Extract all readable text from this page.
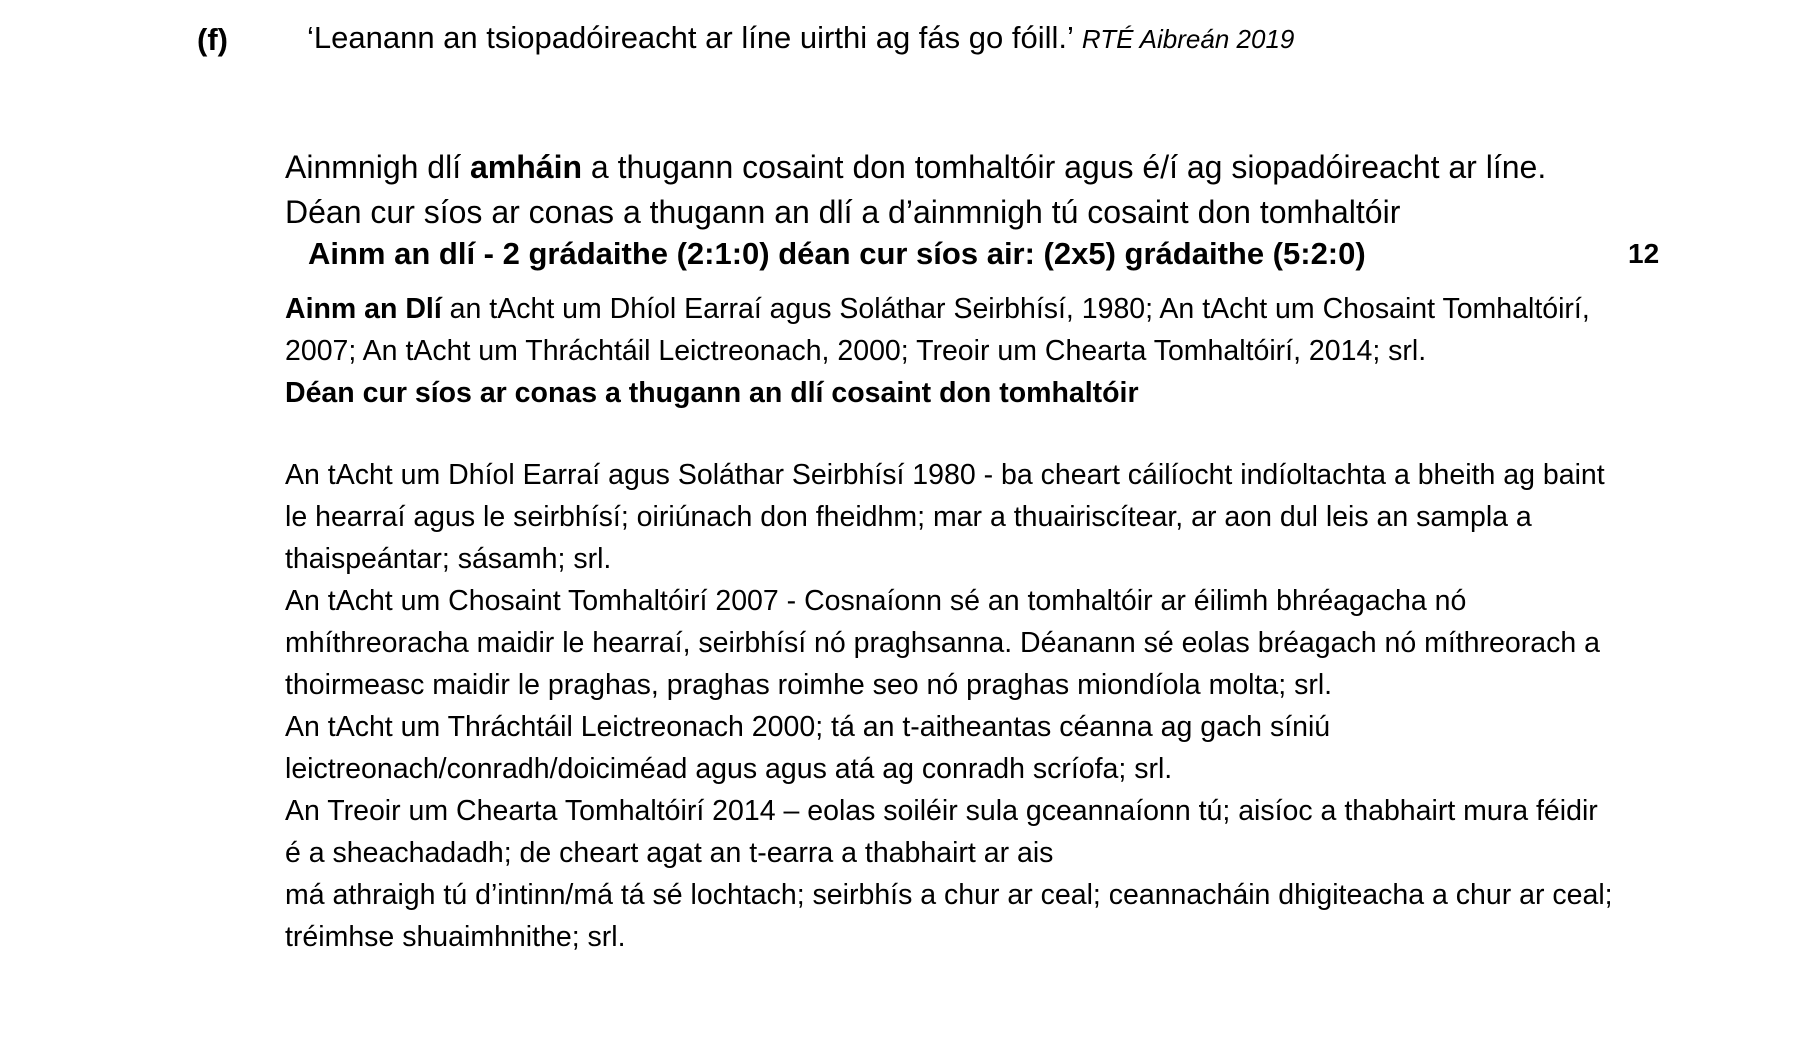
(f)	‘Leanann an tsiopadóireacht ar líne uirthi ag fás go fóill.’ RTÉ Aibreán 2019
Ainmnigh dlí amháin a thugann cosaint don tomhaltóir agus é/í ag siopadóireacht ar líne. Déan cur síos ar conas a thugann an dlí a d’ainmnigh tú cosaint don tomhaltóir
Ainm an dlí - 2 grádaithe (2:1:0) déan cur síos air: (2x5) grádaithe (5:2:0)	12

Ainm an Dlí an tAcht um Dhíol Earraí agus Soláthar Seirbhísí, 1980; An tAcht um Chosaint Tomhaltóirí, 2007; An tAcht um Thráchtáil Leictreonach, 2000; Treoir um Chearta Tomhaltóirí, 2014; srl.

Déan cur síos ar conas a thugann an dlí cosaint don tomhaltóir

An tAcht um Dhíol Earraí agus Soláthar Seirbhísí 1980 - ba cheart cáilíocht indíoltachta a bheith ag baint le hearraí agus le seirbhísí; oiriúnach don fheidhm; mar a thuairiscítear, ar aon dul leis an sampla a thaispeántar; sásamh; srl.

An tAcht um Chosaint Tomhaltóirí 2007 - Cosnaíonn sé an tomhaltóir ar éilimh bhréagacha nó mhíthreoracha maidir le hearraí, seirbhísí nó praghsanna. Déanann sé eolas bréagach nó míthreorach a thoirmeasc maidir le praghas, praghas roimhe seo nó praghas miondíola molta; srl.

An tAcht um Thráchtáil Leictreonach 2000; tá an t-aitheantas céanna ag gach síniú leictreonach/conradh/doiciméad agus agus atá ag conradh scríofa; srl.

An Treoir um Chearta Tomhaltóirí 2014 – eolas soiléir sula gceannaíonn tú; aisíoc a thabhairt mura féidir é a sheachadadh; de cheart agat an t-earra a thabhairt ar ais

má athraigh tú d’intinn/má tá sé lochtach; seirbhís a chur ar ceal; ceannacháin dhigiteacha a chur ar ceal; tréimhse shuaimhnithe; srl.
